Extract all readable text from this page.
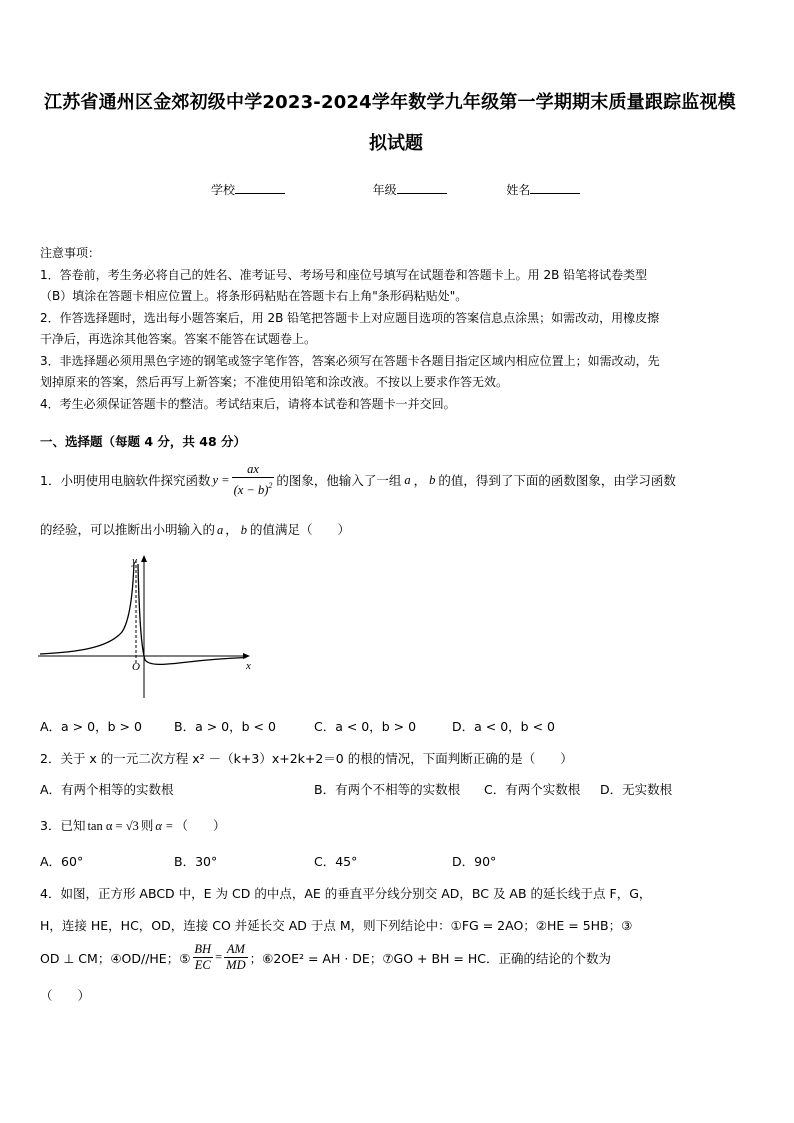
江苏省通州区金郊初级中学2023-2024学年数学九年级第一学期期末质量跟踪监视模
拟试题
学校	年级	姓名
注意事项：
1．答卷前，考生务必将自己的姓名、准考证号、考场号和座位号填写在试题卷和答题卡上。用 2B 铅笔将试卷类型
（B）填涂在答题卡相应位置上。将条形码粘贴在答题卡右上角"条形码粘贴处"。
2．作答选择题时，选出每小题答案后，用 2B 铅笔把答题卡上对应题目选项的答案信息点涂黑；如需改动，用橡皮擦
干净后，再选涂其他答案。答案不能答在试题卷上。
3．非选择题必须用黑色字迹的钢笔或签字笔作答，答案必须写在答题卡各题目指定区域内相应位置上；如需改动，先
划掉原来的答案，然后再写上新答案；不准使用铅笔和涂改液。不按以上要求作答无效。
4．考生必须保证答题卡的整洁。考试结束后，请将本试卷和答题卡一并交回。
一、选择题（每题 4 分，共 48 分）
1．小明使用电脑软件探究函数 $y = \frac{ax}{(x - b)^2}$ 的图象，他输入了一组 a ， b 的值，得到了下面的函数图象，由学习函数
的经验，可以推断出小明输入的 a ， b 的值满足（　　）
y
x
O
A．a > 0，b > 0	B．a > 0，b < 0	C．a < 0，b > 0	D．a < 0，b < 0
2．关于 x 的一元二次方程 x² －（k+3）x+2k+2＝0 的根的情况，下面判断正确的是（　　）
A．有两个相等的实数根	B．有两个不相等的实数根 C．有两个实数根 D．无实数根
3．已知 tan α = √3 则 α = （　　）
A．60°	B．30°	C．45°	D．90°
4．如图，正方形 ABCD 中，E 为 CD 的中点，AE 的垂直平分线分别交 AD，BC 及 AB 的延长线于点 F，G，
H，连接 HE，HC，OD，连接 CO 并延长交 AD 于点 M，则下列结论中：①FG = 2AO；②HE = 5HB；③
OD ⊥ CM；④OD//HE；⑤ $\frac{BH}{EC} = \frac{AM}{MD}$ ；⑥2OE² = AH · DE；⑦GO + BH = HC．正确的结论的个数为
（　　）
